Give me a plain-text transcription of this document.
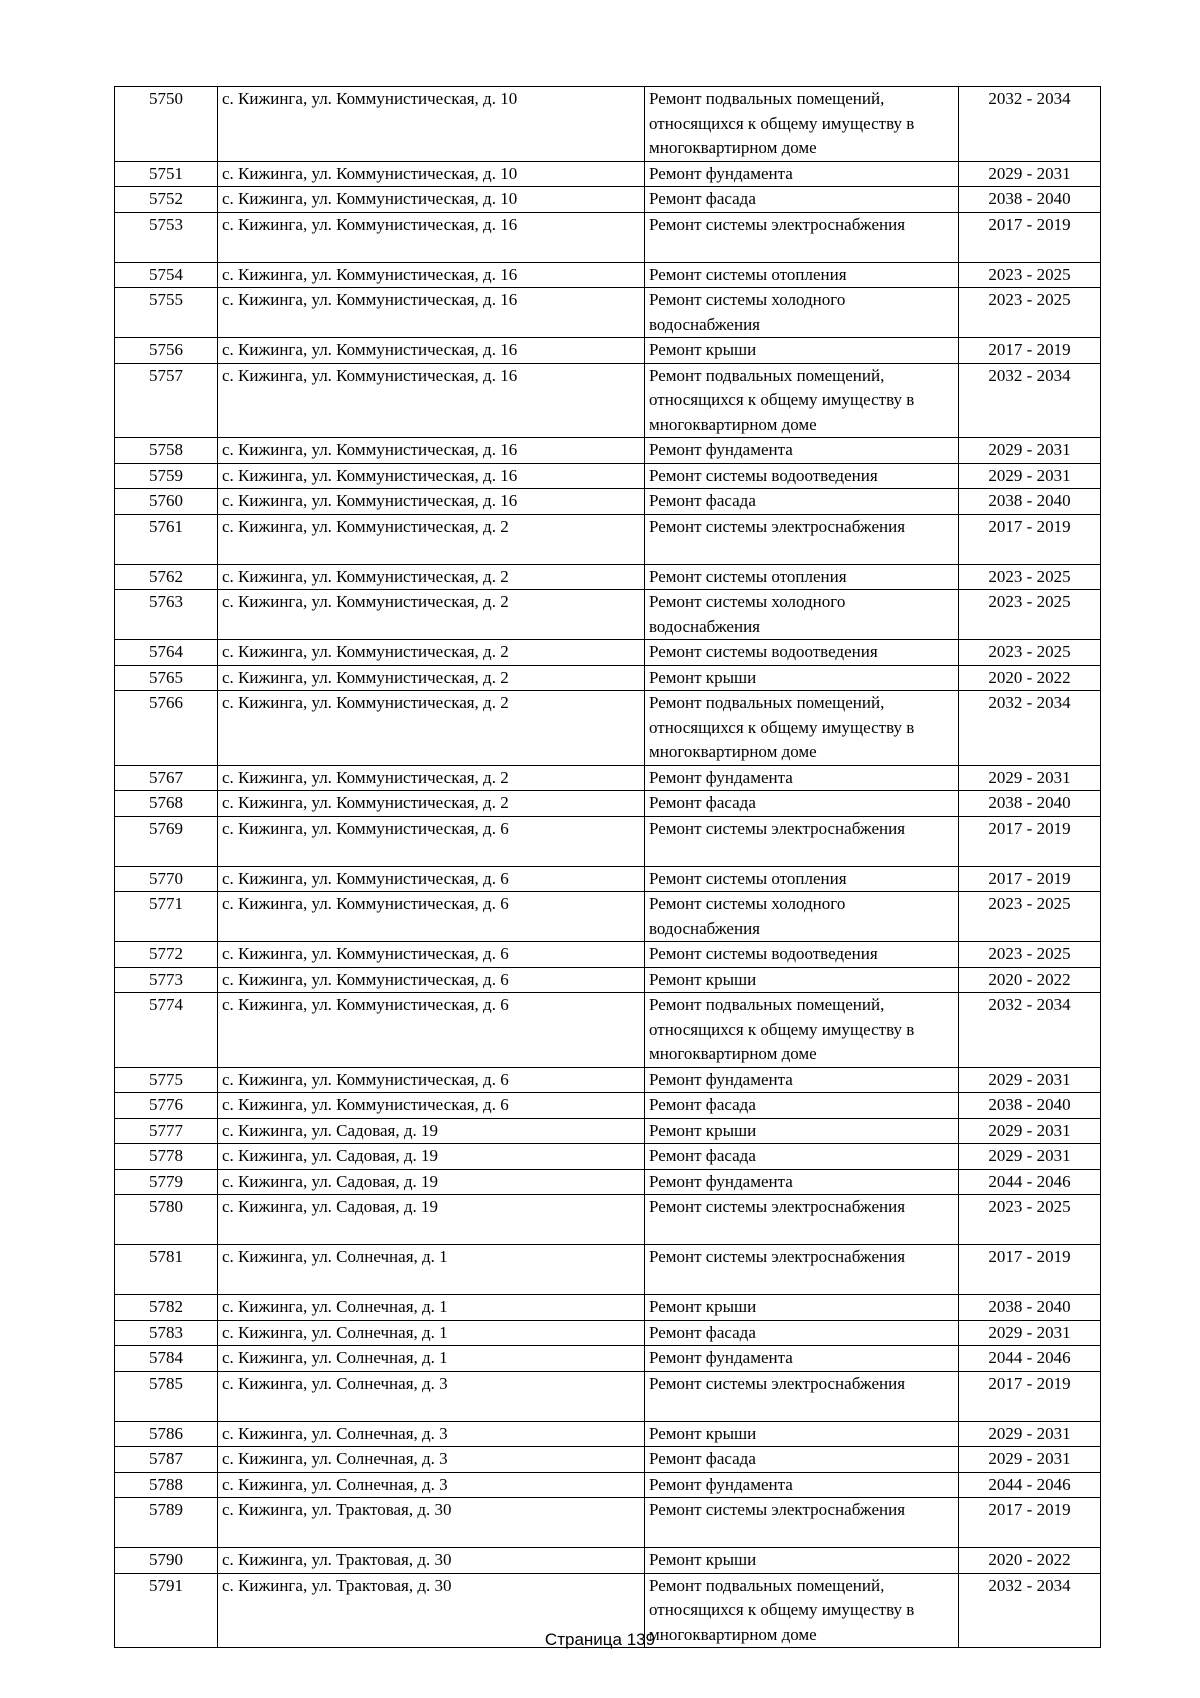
5750	с. Кижинга, ул. Коммунистическая, д. 10	Ремонт подвальных помещений, относящихся к общему имуществу в многоквартирном доме	2032 - 2034
5751	с. Кижинга, ул. Коммунистическая, д. 10	Ремонт фундамента	2029 - 2031
5752	с. Кижинга, ул. Коммунистическая, д. 10	Ремонт фасада	2038 - 2040
5753	с. Кижинга, ул. Коммунистическая, д. 16	Ремонт системы электроснабжения	2017 - 2019
5754	с. Кижинга, ул. Коммунистическая, д. 16	Ремонт системы отопления	2023 - 2025
5755	с. Кижинга, ул. Коммунистическая, д. 16	Ремонт системы холодного водоснабжения	2023 - 2025
5756	с. Кижинга, ул. Коммунистическая, д. 16	Ремонт крыши	2017 - 2019
5757	с. Кижинга, ул. Коммунистическая, д. 16	Ремонт подвальных помещений, относящихся к общему имуществу в многоквартирном доме	2032 - 2034
5758	с. Кижинга, ул. Коммунистическая, д. 16	Ремонт фундамента	2029 - 2031
5759	с. Кижинга, ул. Коммунистическая, д. 16	Ремонт системы водоотведения	2029 - 2031
5760	с. Кижинга, ул. Коммунистическая, д. 16	Ремонт фасада	2038 - 2040
5761	с. Кижинга, ул. Коммунистическая, д. 2	Ремонт системы электроснабжения	2017 - 2019
5762	с. Кижинга, ул. Коммунистическая, д. 2	Ремонт системы отопления	2023 - 2025
5763	с. Кижинга, ул. Коммунистическая, д. 2	Ремонт системы холодного водоснабжения	2023 - 2025
5764	с. Кижинга, ул. Коммунистическая, д. 2	Ремонт системы водоотведения	2023 - 2025
5765	с. Кижинга, ул. Коммунистическая, д. 2	Ремонт крыши	2020 - 2022
5766	с. Кижинга, ул. Коммунистическая, д. 2	Ремонт подвальных помещений, относящихся к общему имуществу в многоквартирном доме	2032 - 2034
5767	с. Кижинга, ул. Коммунистическая, д. 2	Ремонт фундамента	2029 - 2031
5768	с. Кижинга, ул. Коммунистическая, д. 2	Ремонт фасада	2038 - 2040
5769	с. Кижинга, ул. Коммунистическая, д. 6	Ремонт системы электроснабжения	2017 - 2019
5770	с. Кижинга, ул. Коммунистическая, д. 6	Ремонт системы отопления	2017 - 2019
5771	с. Кижинга, ул. Коммунистическая, д. 6	Ремонт системы холодного водоснабжения	2023 - 2025
5772	с. Кижинга, ул. Коммунистическая, д. 6	Ремонт системы водоотведения	2023 - 2025
5773	с. Кижинга, ул. Коммунистическая, д. 6	Ремонт крыши	2020 - 2022
5774	с. Кижинга, ул. Коммунистическая, д. 6	Ремонт подвальных помещений, относящихся к общему имуществу в многоквартирном доме	2032 - 2034
5775	с. Кижинга, ул. Коммунистическая, д. 6	Ремонт фундамента	2029 - 2031
5776	с. Кижинга, ул. Коммунистическая, д. 6	Ремонт фасада	2038 - 2040
5777	с. Кижинга, ул. Садовая, д. 19	Ремонт крыши	2029 - 2031
5778	с. Кижинга, ул. Садовая, д. 19	Ремонт фасада	2029 - 2031
5779	с. Кижинга, ул. Садовая, д. 19	Ремонт фундамента	2044 - 2046
5780	с. Кижинга, ул. Садовая, д. 19	Ремонт системы электроснабжения	2023 - 2025
5781	с. Кижинга, ул. Солнечная, д. 1	Ремонт системы электроснабжения	2017 - 2019
5782	с. Кижинга, ул. Солнечная, д. 1	Ремонт крыши	2038 - 2040
5783	с. Кижинга, ул. Солнечная, д. 1	Ремонт фасада	2029 - 2031
5784	с. Кижинга, ул. Солнечная, д. 1	Ремонт фундамента	2044 - 2046
5785	с. Кижинга, ул. Солнечная, д. 3	Ремонт системы электроснабжения	2017 - 2019
5786	с. Кижинга, ул. Солнечная, д. 3	Ремонт крыши	2029 - 2031
5787	с. Кижинга, ул. Солнечная, д. 3	Ремонт фасада	2029 - 2031
5788	с. Кижинга, ул. Солнечная, д. 3	Ремонт фундамента	2044 - 2046
5789	с. Кижинга, ул. Трактовая, д. 30	Ремонт системы электроснабжения	2017 - 2019
5790	с. Кижинга, ул. Трактовая, д. 30	Ремонт крыши	2020 - 2022
5791	с. Кижинга, ул. Трактовая, д. 30	Ремонт подвальных помещений, относящихся к общему имуществу в многоквартирном доме	2032 - 2034
Страница 139
